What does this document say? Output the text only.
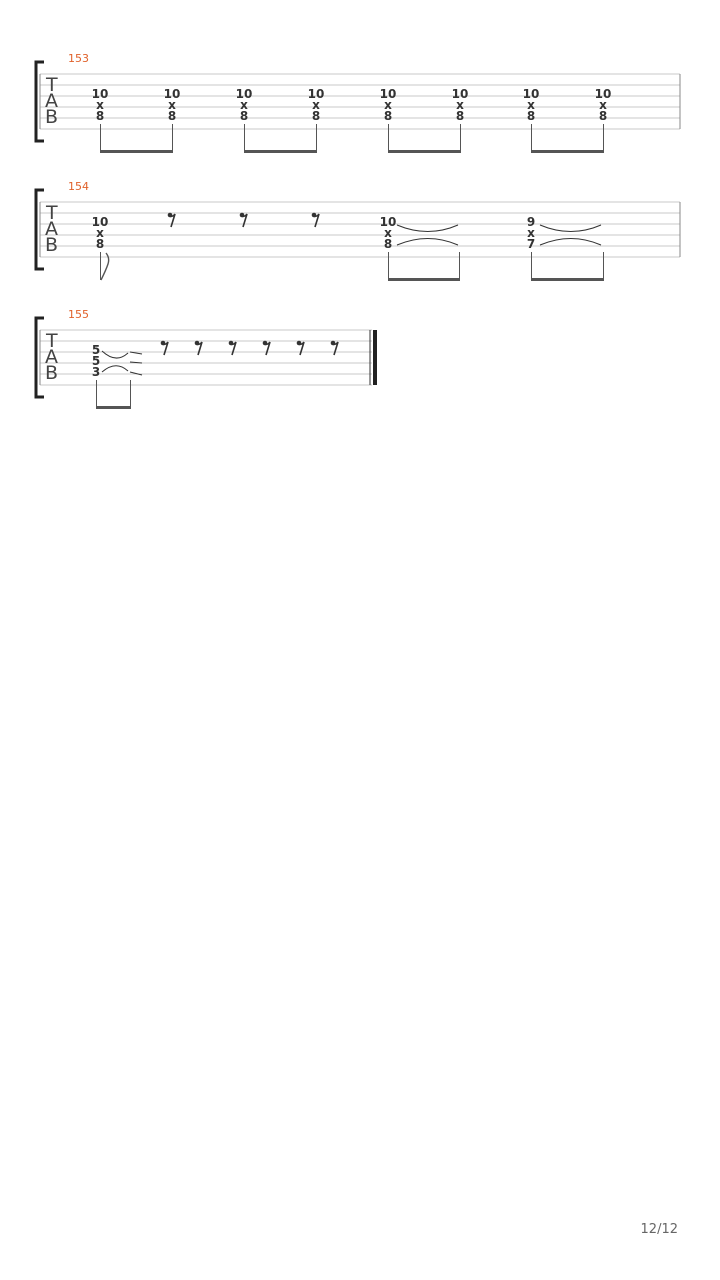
153
T
A
B
10
x
8
10
x
8
10
x
8
10
x
8
10
x
8
10
x
8
10
x
8
10
x
8
154
T
A
B
10
x
8
10
x
8
9
x
7
155
T
A
B
5
5
3
12/12
